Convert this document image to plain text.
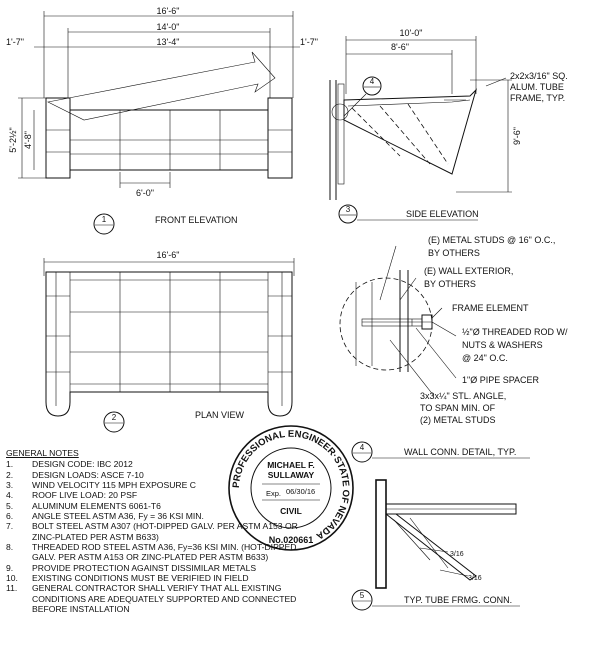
16'-6"
14'-0"
13'-4"
1'-7"	1'-7"
5'-2½" 4'-8"
6'-0"
1	FRONT ELEVATION
10'-0"
8'-6"
9'-6"
4
2x2x3/16" SQ.
ALUM. TUBE
FRAME, TYP.
3	SIDE ELEVATION
16'-6"
2	PLAN VIEW
(E) METAL STUDS @ 16" O.C.,
BY OTHERS
(E) WALL EXTERIOR,
BY OTHERS
FRAME ELEMENT
½"Ø THREADED ROD W/
NUTS & WASHERS
@ 24" O.C.
1"Ø PIPE SPACER
3x3x¼" STL. ANGLE,
TO SPAN MIN. OF
(2) METAL STUDS
4	WALL CONN. DETAIL, TYP.
3/16
3/16
5	TYP. TUBE FRMG. CONN.
PROFESSIONAL ENGINEER·STATE OF NEVADA
MICHAEL F.
SULLAWAY
Exp. 06/30/16
CIVIL
No.020661
GENERAL NOTES
1.	DESIGN CODE: IBC 2012
2.	DESIGN LOADS: ASCE 7-10
3.	WIND VELOCITY 115 MPH EXPOSURE C
4.	ROOF LIVE LOAD: 20 PSF
5.	ALUMINUM ELEMENTS 6061-T6
6.	ANGLE STEEL ASTM A36, Fy = 36 KSI MIN.
7.	BOLT STEEL ASTM A307 (HOT-DIPPED GALV. PER ASTM A153 OR ZINC-PLATED PER ASTM B633)
8.	THREADED ROD STEEL ASTM A36, Fy=36 KSI MIN. (HOT-DIPPED GALV. PER ASTM A153 OR ZINC-PLATED PER ASTM B633)
9.	PROVIDE PROTECTION AGAINST DISSIMILAR METALS
10.	EXISTING CONDITIONS MUST BE VERIFIED IN FIELD
11.	GENERAL CONTRACTOR SHALL VERIFY THAT ALL EXISTING CONDITIONS ARE ADEQUATELY SUPPORTED AND CONNECTED BEFORE INSTALLATION
